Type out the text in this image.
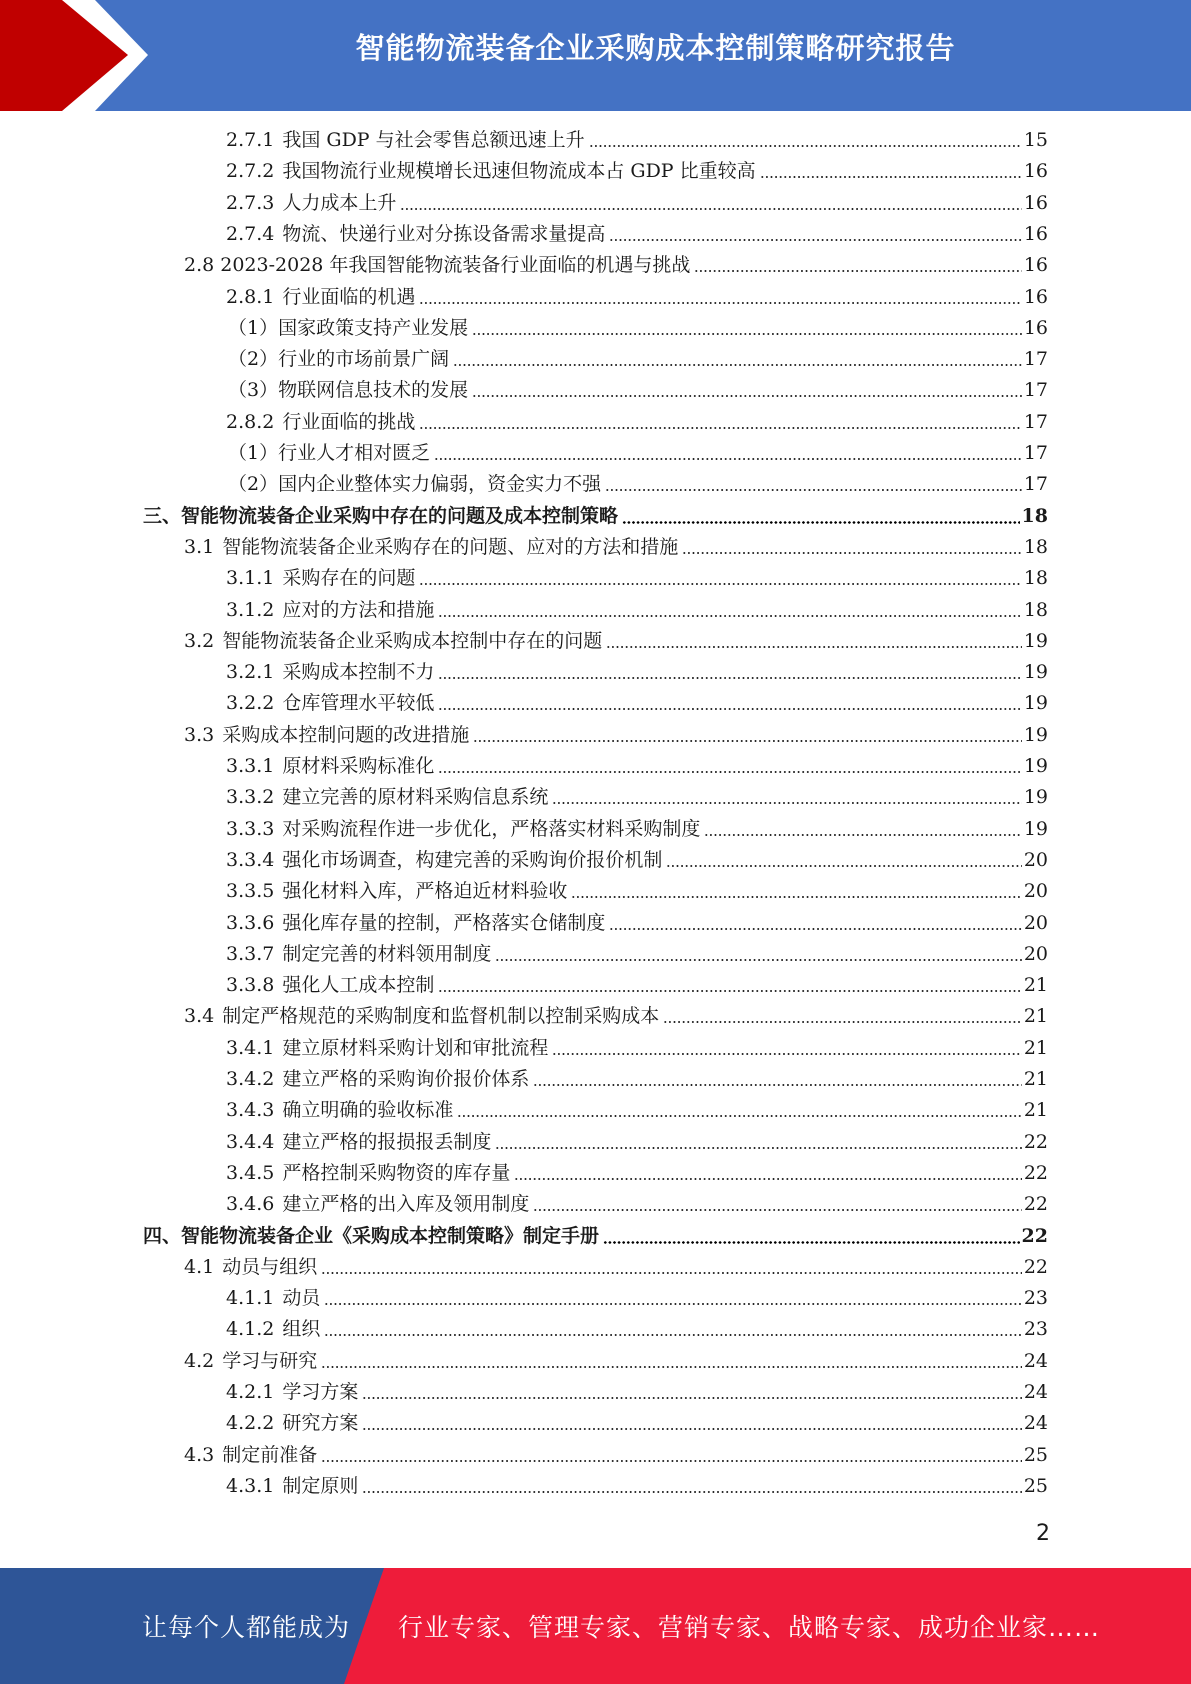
智能物流装备企业采购成本控制策略研究报告
2.7.1 我国 GDP 与社会零售总额迅速上升	15
2.7.2 我国物流行业规模增长迅速但物流成本占 GDP 比重较高	16
2.7.3 人力成本上升	16
2.7.4 物流、快递行业对分拣设备需求量提高	16
2.8 2023-2028 年我国智能物流装备行业面临的机遇与挑战	16
2.8.1 行业面临的机遇	16
（1） 国家政策支持产业发展	16
（2） 行业的市场前景广阔	17
（3） 物联网信息技术的发展	17
2.8.2 行业面临的挑战	17
（1） 行业人才相对匮乏	17
（2） 国内企业整体实力偏弱，资金实力不强	17
三、智能物流装备企业采购中存在的问题及成本控制策略	18
3.1 智能物流装备企业采购存在的问题、应对的方法和措施	18
3.1.1 采购存在的问题	18
3.1.2 应对的方法和措施	18
3.2 智能物流装备企业采购成本控制中存在的问题	19
3.2.1 采购成本控制不力	19
3.2.2 仓库管理水平较低	19
3.3 采购成本控制问题的改进措施	19
3.3.1 原材料采购标准化	19
3.3.2 建立完善的原材料采购信息系统	19
3.3.3 对采购流程作进一步优化，严格落实材料采购制度	19
3.3.4 强化市场调查，构建完善的采购询价报价机制	20
3.3.5 强化材料入库，严格迫近材料验收	20
3.3.6 强化库存量的控制，严格落实仓储制度	20
3.3.7 制定完善的材料领用制度	20
3.3.8 强化人工成本控制	21
3.4 制定严格规范的采购制度和监督机制以控制采购成本	21
3.4.1 建立原材料采购计划和审批流程	21
3.4.2 建立严格的采购询价报价体系	21
3.4.3 确立明确的验收标准	21
3.4.4 建立严格的报损报丢制度	22
3.4.5 严格控制采购物资的库存量	22
3.4.6 建立严格的出入库及领用制度	22
四、智能物流装备企业《采购成本控制策略》制定手册	22
4.1 动员与组织	22
4.1.1 动员	23
4.1.2 组织	23
4.2 学习与研究	24
4.2.1 学习方案	24
4.2.2 研究方案	24
4.3 制定前准备	25
4.3.1 制定原则	25
2
让每个人都能成为 行业专家、管理专家、营销专家、战略专家、成功企业家……
